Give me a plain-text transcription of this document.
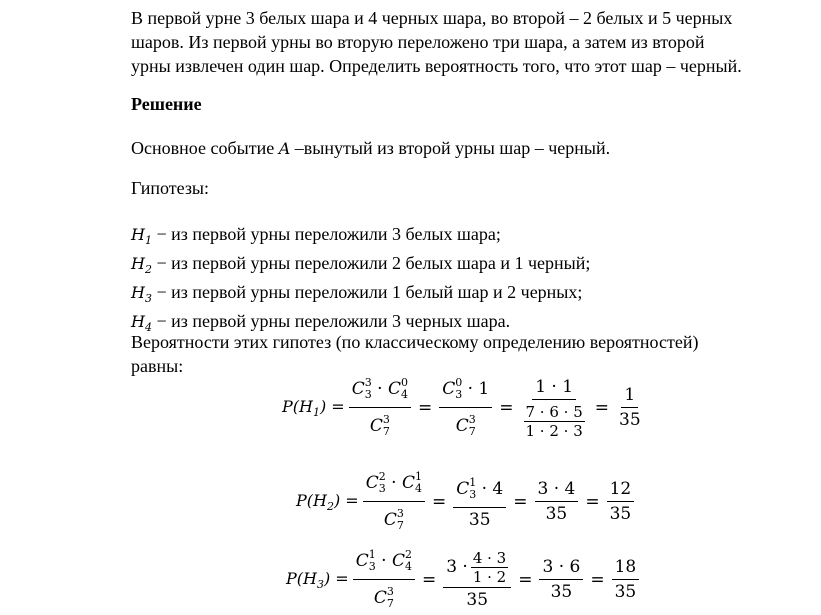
В первой урне 3 белых шара и 4 черных шара, во второй – 2 белых и 5 черных

шаров. Из первой урны во вторую переложено три шара, а затем из второй

урны извлечен один шар. Определить вероятность того, что этот шар – черный.

Решение

Основное событие A –вынутый из второй урны шар – черный.

Гипотезы:

$H_1$ − из первой урны переложили 3 белых шара;

$H_2$ − из первой урны переложили 2 белых шара и 1 черный;

$H_3$ − из первой урны переложили 1 белый шар и 2 черных;

$H_4$ − из первой урны переложили 3 черных шара.

Вероятности этих гипотез (по классическому определению вероятностей)

равны:

$P(H_1) = \frac{C^3_3 \cdot C^0_4}{C^3_7} = \frac{C^0_3 \cdot 1}{C^3_7} = \frac{1 \cdot 1}{\frac{7 \cdot 6 \cdot 5}{1 \cdot 2 \cdot 3}} = \frac{1}{35}$
$P(H_2) = \frac{C^2_3 \cdot C^1_4}{C^3_7} = \frac{C^1_3 \cdot 4}{35} = \frac{3 \cdot 4}{35} = \frac{12}{35}$
$P(H_3) = \frac{C^1_3 \cdot C^2_4}{C^3_7} = \frac{3 \cdot \frac{4 \cdot 3}{1 \cdot 2}}{35} = \frac{3 \cdot 6}{35} = \frac{18}{35}$
